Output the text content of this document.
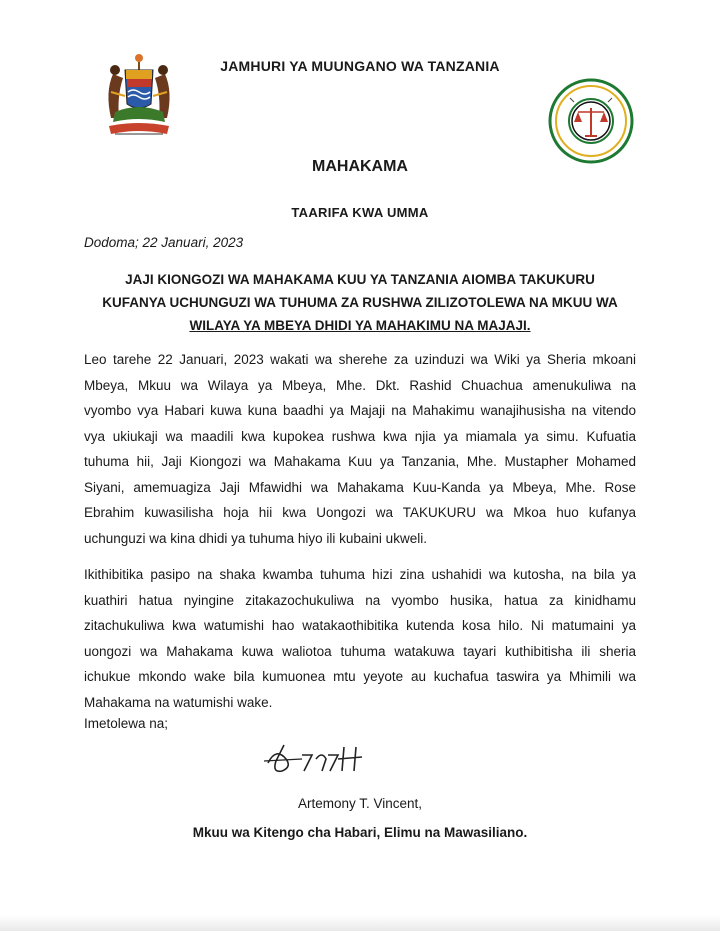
JAMHURI YA MUUNGANO WA TANZANIA
MAHAKAMA
TAARIFA KWA UMMA
Dodoma; 22 Januari, 2023
JAJI KIONGOZI WA MAHAKAMA KUU YA TANZANIA AIOMBA TAKUKURU
KUFANYA UCHUNGUZI WA TUHUMA ZA RUSHWA ZILIZOTOLEWA NA MKUU WA
WILAYA YA MBEYA DHIDI YA MAHAKIMU NA MAJAJI.
Leo tarehe 22 Januari, 2023 wakati wa sherehe za uzinduzi wa Wiki ya Sheria mkoani
Mbeya, Mkuu wa Wilaya ya Mbeya, Mhe. Dkt. Rashid Chuachua amenukuliwa na
vyombo vya Habari kuwa kuna baadhi ya Majaji na Mahakimu wanajihusisha na vitendo
vya ukiukaji wa maadili kwa kupokea rushwa kwa njia ya miamala ya simu. Kufuatia
tuhuma hii, Jaji Kiongozi wa Mahakama Kuu ya Tanzania, Mhe. Mustapher Mohamed
Siyani, amemuagiza Jaji Mfawidhi wa Mahakama Kuu-Kanda ya Mbeya, Mhe. Rose
Ebrahim kuwasilisha hoja hii kwa Uongozi wa TAKUKURU wa Mkoa huo kufanya
uchunguzi wa kina dhidi ya tuhuma hiyo ili kubaini ukweli.
Ikithibitika pasipo na shaka kwamba tuhuma hizi zina ushahidi wa kutosha, na bila ya
kuathiri hatua nyingine zitakazochukuliwa na vyombo husika, hatua za kinidhamu
zitachukuliwa kwa watumishi hao watakaothibitika kutenda kosa hilo. Ni matumaini ya
uongozi wa Mahakama kuwa waliotoa tuhuma watakuwa tayari kuthibitisha ili sheria
ichukue mkondo wake bila kumuonea mtu yeyote au kuchafua taswira ya Mhimili wa
Mahakama na watumishi wake.
Imetolewa na;
Artemony T. Vincent,
Mkuu wa Kitengo cha Habari, Elimu na Mawasiliano.
